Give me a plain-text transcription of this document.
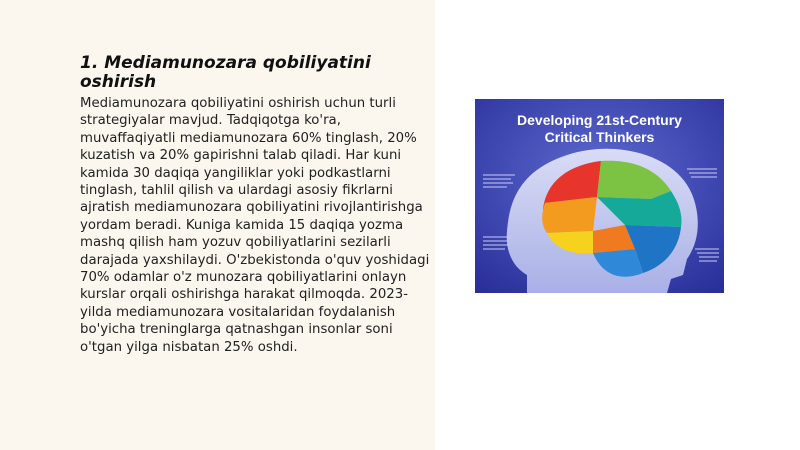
1. Mediamunozara qobiliyatini oshirish

Mediamunozara qobiliyatini oshirish uchun turli strategiyalar mavjud. Tadqiqotga ko'ra, muvaffaqiyatli mediamunozara 60% tinglash, 20% kuzatish va 20% gapirishni talab qiladi. Har kuni kamida 30 daqiqa yangiliklar yoki podkastlarni tinglash, tahlil qilish va ulardagi asosiy fikrlarni ajratish mediamunozara qobiliyatini rivojlantirishga yordam beradi. Kuniga kamida 15 daqiqa yozma mashq qilish ham yozuv qobiliyatlarini sezilarli darajada yaxshilaydi. O'zbekistonda o'quv yoshidagi 70% odamlar o'z munozara qobiliyatlarini onlayn kurslar orqali oshirishga harakat qilmoqda. 2023-yilda mediamunozara vositalaridan foydalanish bo'yicha treninglarga qatnashgan insonlar soni o'tgan yilga nisbatan 25% oshdi.

Developing 21st-Century
Critical Thinkers
